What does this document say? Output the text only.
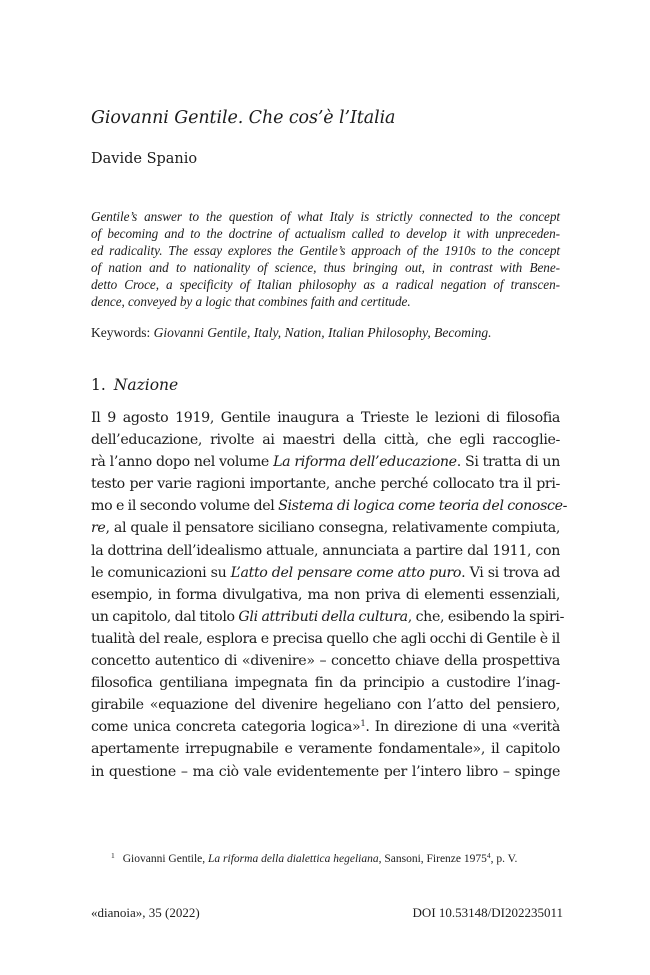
Giovanni Gentile. Che cos’è l’Italia
Davide Spanio
Gentile’s answer to the question of what Italy is strictly connected to the concept
of becoming and to the doctrine of actualism called to develop it with unpreceden-
ed radicality. The essay explores the Gentile’s approach of the 1910s to the concept
of nation and to nationality of science, thus bringing out, in contrast with Bene-
detto Croce, a specificity of Italian philosophy as a radical negation of transcen-
dence, conveyed by a logic that combines faith and certitude.
Keywords: Giovanni Gentile, Italy, Nation, Italian Philosophy, Becoming.
1. Nazione
Il 9 agosto 1919, Gentile inaugura a Trieste le lezioni di filosofia
dell’educazione, rivolte ai maestri della città, che egli raccoglie-
rà l’anno dopo nel volume La riforma dell’educazione. Si tratta di un
testo per varie ragioni importante, anche perché collocato tra il pri-
mo e il secondo volume del Sistema di logica come teoria del conosce-
re, al quale il pensatore siciliano consegna, relativamente compiuta,
la dottrina dell’idealismo attuale, annunciata a partire dal 1911, con
le comunicazioni su L’atto del pensare come atto puro. Vi si trova ad
esempio, in forma divulgativa, ma non priva di elementi essenziali,
un capitolo, dal titolo Gli attributi della cultura, che, esibendo la spiri-
tualità del reale, esplora e precisa quello che agli occhi di Gentile è il
concetto autentico di «divenire» – concetto chiave della prospettiva
filosofica gentiliana impegnata fin da principio a custodire l’inag-
girabile «equazione del divenire hegeliano con l’atto del pensiero,
come unica concreta categoria logica»$^1$. In direzione di una «verità
apertamente irrepugnabile e veramente fondamentale», il capitolo
in questione – ma ciò vale evidentemente per l’intero libro – spinge
$^1$ Giovanni Gentile, La riforma della dialettica hegeliana, Sansoni, Firenze 1975$^4$, p. V.
«dianoia», 35 (2022)	DOI 10.53148/DI202235011
